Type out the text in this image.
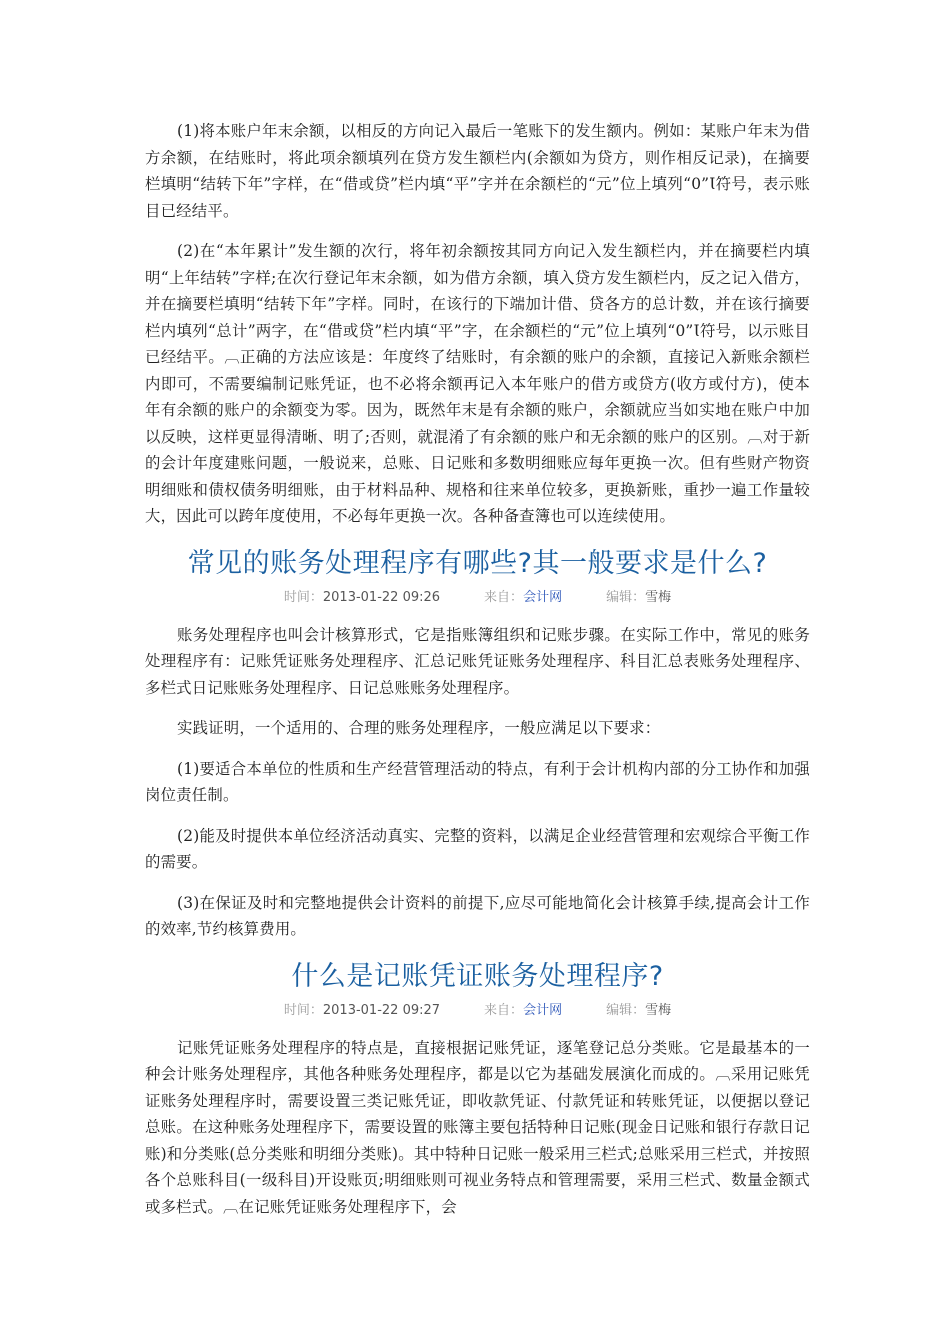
(1)将本账户年末余额，以相反的方向记入最后一笔账下的发生额内。例如：某账户年末为借方余额，在结账时，将此项余额填列在贷方发生额栏内(余额如为贷方，则作相反记录)，在摘要栏填明“结转下年”字样，在“借或贷”栏内填“平”字并在余额栏的“元”位上填列“0”Ɩ符号，表示账目已经结平。

(2)在“本年累计”发生额的次行，将年初余额按其同方向记入发生额栏内，并在摘要栏内填明“上年结转”字样;在次行登记年末余额，如为借方余额，填入贷方发生额栏内，反之记入借方，并在摘要栏填明“结转下年”字样。同时，在该行的下端加计借、贷各方的总计数，并在该行摘要栏内填列“总计”两字，在“借或贷”栏内填“平”字，在余额栏的“元”位上填列“0”Ɩ符号，以示账目已经结平。︹正确的方法应该是：年度终了结账时，有余额的账户的余额，直接记入新账余额栏内即可，不需要编制记账凭证，也不必将余额再记入本年账户的借方或贷方(收方或付方)，使本年有余额的账户的余额变为零。因为，既然年末是有余额的账户，余额就应当如实地在账户中加以反映，这样更显得清晰、明了;否则，就混淆了有余额的账户和无余额的账户的区别。︹对于新的会计年度建账问题，一般说来，总账、日记账和多数明细账应每年更换一次。但有些财产物资明细账和债权债务明细账，由于材料品种、规格和往来单位较多，更换新账，重抄一遍工作量较大，因此可以跨年度使用，不必每年更换一次。各种备查簿也可以连续使用。

常见的账务处理程序有哪些?其一般要求是什么?
时间：2013-01-22 09:26	来自：会计网	编辑：雪梅

账务处理程序也叫会计核算形式，它是指账簿组织和记账步骤。在实际工作中，常见的账务处理程序有：记账凭证账务处理程序、汇总记账凭证账务处理程序、科目汇总表账务处理程序、多栏式日记账账务处理程序、日记总账账务处理程序。

实践证明，一个适用的、合理的账务处理程序，一般应满足以下要求：

(1)要适合本单位的性质和生产经营管理活动的特点，有利于会计机构内部的分工协作和加强岗位责任制。

(2)能及时提供本单位经济活动真实、完整的资料，以满足企业经营管理和宏观综合平衡工作的需要。

(3)在保证及时和完整地提供会计资料的前提下,应尽可能地简化会计核算手续,提高会计工作的效率,节约核算费用。

什么是记账凭证账务处理程序?
时间：2013-01-22 09:27	来自：会计网	编辑：雪梅

记账凭证账务处理程序的特点是，直接根据记账凭证，逐笔登记总分类账。它是最基本的一种会计账务处理程序，其他各种账务处理程序，都是以它为基础发展演化而成的。︹采用记账凭证账务处理程序时，需要设置三类记账凭证，即收款凭证、付款凭证和转账凭证，以便据以登记总账。在这种账务处理程序下，需要设置的账簿主要包括特种日记账(现金日记账和银行存款日记账)和分类账(总分类账和明细分类账)。其中特种日记账一般采用三栏式;总账采用三栏式，并按照各个总账科目(一级科目)开设账页;明细账则可视业务特点和管理需要，采用三栏式、数量金额式或多栏式。︹在记账凭证账务处理程序下，会
